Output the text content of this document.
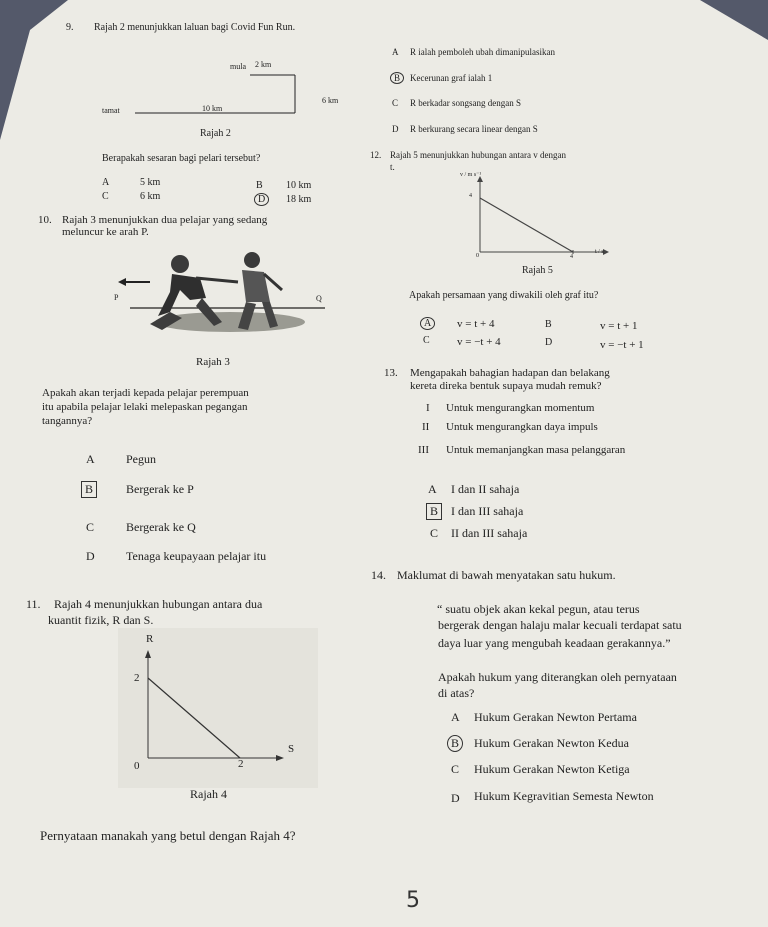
9. Rajah 2 menunjukkan laluan bagi Covid Fun Run.
mula 2 km
6 km
tamat	10 km
Rajah 2
Berapakah sesaran bagi pelari tersebut?
A	5 km	B 10 km
C	6 km	D	18 km
A R ialah pemboleh ubah dimanipulasikan
B	Kecerunan graf ialah 1
C R berkadar songsang dengan S
D R berkurang secara linear dengan S
12. Rajah 5 menunjukkan hubungan antara v dengan
t.
v / m s⁻¹
4
0	4
t / s
Rajah 5
Apakah persamaan yang diwakili oleh graf itu?
A	v = t + 4	B	v = t + 1
C v = −t + 4	D	v = −t + 1
10. Rajah 3 menunjukkan dua pelajar yang sedang
meluncur ke arah P.
P	Q
Rajah 3
Apakah akan terjadi kepada pelajar perempuan
itu apabila pelajar lelaki melepaskan pegangan
tangannya?
A	Pegun
B	Bergerak ke P
C	Bergerak ke Q
D	Tenaga keupayaan pelajar itu
13. Mengapakah bahagian hadapan dan belakang
kereta direka bentuk supaya mudah remuk?
I Untuk mengurangkan momentum
II Untuk mengurangkan daya impuls
III Untuk memanjangkan masa pelanggaran
A I dan II sahaja
B	I dan III sahaja
C II dan III sahaja
14. Maklumat di bawah menyatakan satu hukum.
“ suatu objek akan kekal pegun, atau terus
bergerak dengan halaju malar kecuali terdapat satu
daya luar yang mengubah keadaan gerakannya.”
Apakah hukum yang diterangkan oleh pernyataan
di atas?
A Hukum Gerakan Newton Pertama
B	Hukum Gerakan Newton Kedua
C Hukum Gerakan Newton Ketiga
D Hukum Kegravitian Semesta Newton
11. Rajah 4 menunjukkan hubungan antara dua
kuantit fizik, R dan S.
R
2
S
0	2
Rajah 4
Pernyataan manakah yang betul dengan Rajah 4?
5
